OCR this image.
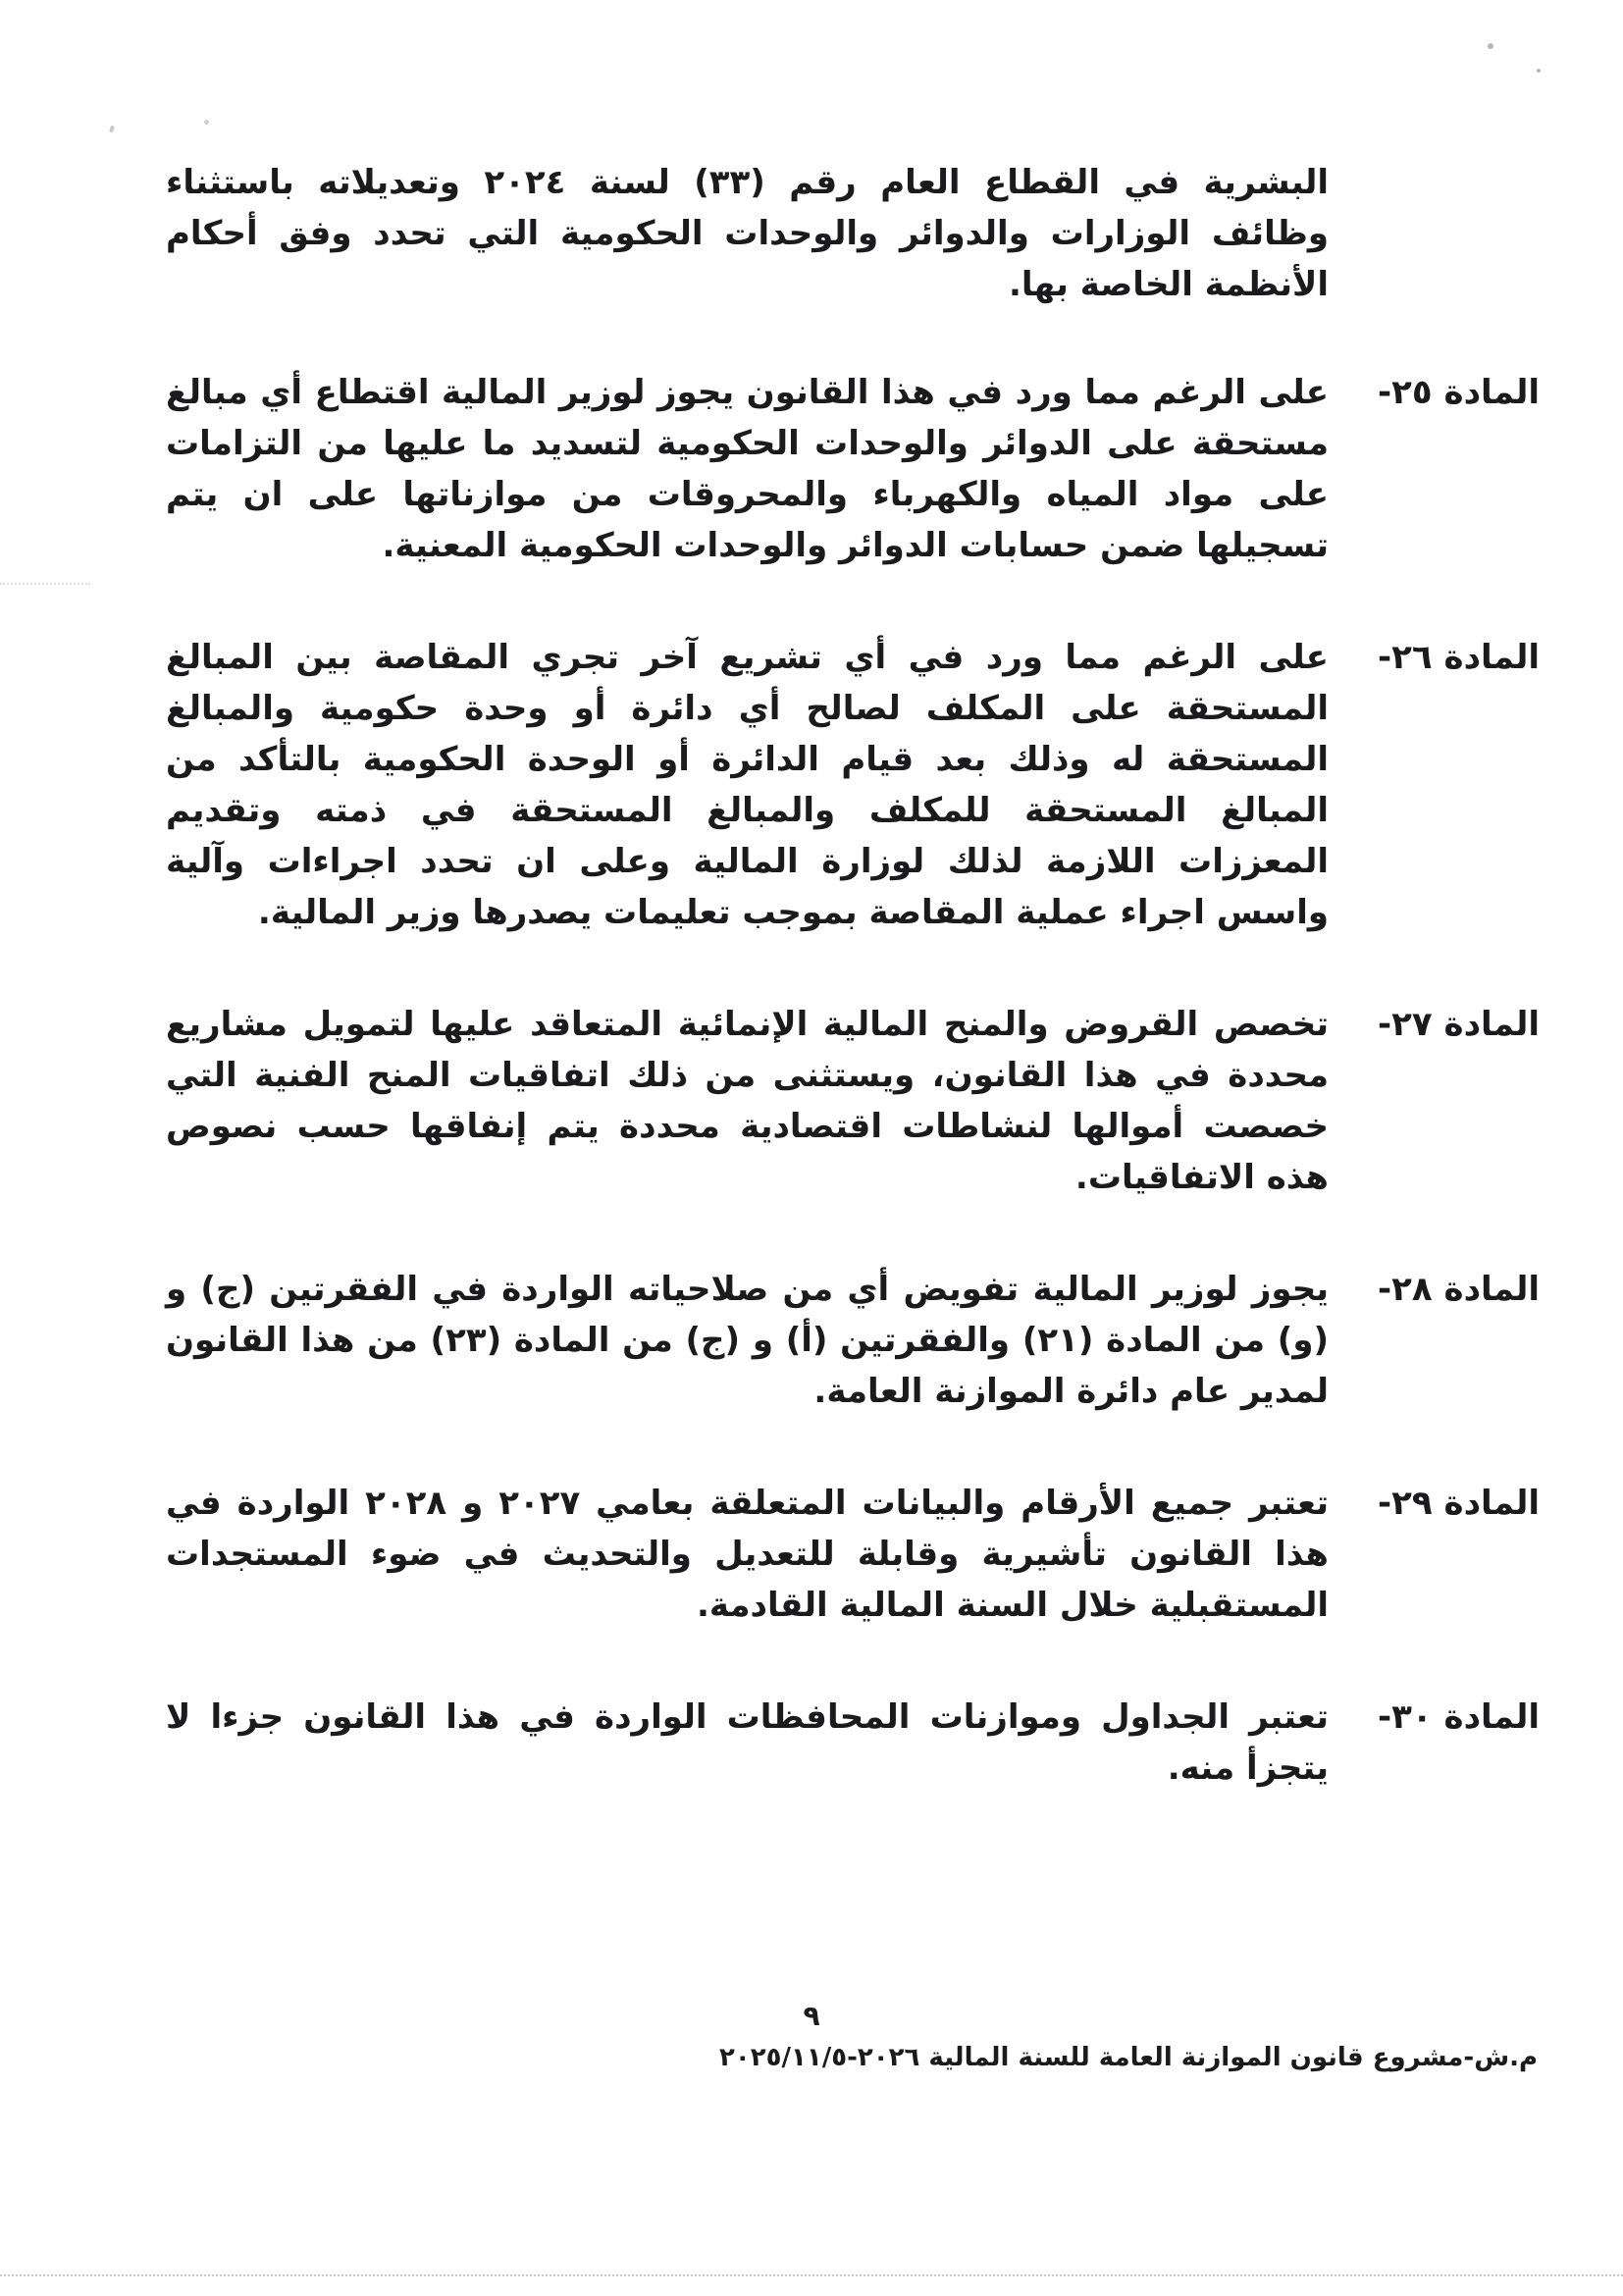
البشرية في القطاع العام رقم (٣٣) لسنة ٢٠٢٤ وتعديلاته باستثناء وظائف الوزارات والدوائر والوحدات الحكومية التي تحدد وفق أحكام الأنظمة الخاصة بها.

المادة ٢٥-
على الرغم مما ورد في هذا القانون يجوز لوزير المالية اقتطاع أي مبالغ مستحقة على الدوائر والوحدات الحكومية لتسديد ما عليها من التزامات على مواد المياه والكهرباء والمحروقات من موازناتها على ان يتم تسجيلها ضمن حسابات الدوائر والوحدات الحكومية المعنية.
المادة ٢٦-
على الرغم مما ورد في أي تشريع آخر تجري المقاصة بين المبالغ المستحقة على المكلف لصالح أي دائرة أو وحدة حكومية والمبالغ المستحقة له وذلك بعد قيام الدائرة أو الوحدة الحكومية بالتأكد من المبالغ المستحقة للمكلف والمبالغ المستحقة في ذمته وتقديم المعززات اللازمة لذلك لوزارة المالية وعلى ان تحدد اجراءات وآلية واسس اجراء عملية المقاصة بموجب تعليمات يصدرها وزير المالية.
المادة ٢٧-
تخصص القروض والمنح المالية الإنمائية المتعاقد عليها لتمويل مشاريع محددة في هذا القانون، ويستثنى من ذلك اتفاقيات المنح الفنية التي خصصت أموالها لنشاطات اقتصادية محددة يتم إنفاقها حسب نصوص هذه الاتفاقيات.
المادة ٢٨-
يجوز لوزير المالية تفويض أي من صلاحياته الواردة في الفقرتين (ج) و (و) من المادة (٢١) والفقرتين (أ) و (ج) من المادة (٢٣) من هذا القانون لمدير عام دائرة الموازنة العامة.
المادة ٢٩-
تعتبر جميع الأرقام والبيانات المتعلقة بعامي ٢٠٢٧ و ٢٠٢٨ الواردة في هذا القانون تأشيرية وقابلة للتعديل والتحديث في ضوء المستجدات المستقبلية خلال السنة المالية القادمة.
المادة ٣٠-
تعتبر الجداول وموازنات المحافظات الواردة في هذا القانون جزءا لا يتجزأ منه.
٩
م.ش-مشروع قانون الموازنة العامة للسنة المالية ٢٠٢٦-٢٠٢٥/١١/٥
